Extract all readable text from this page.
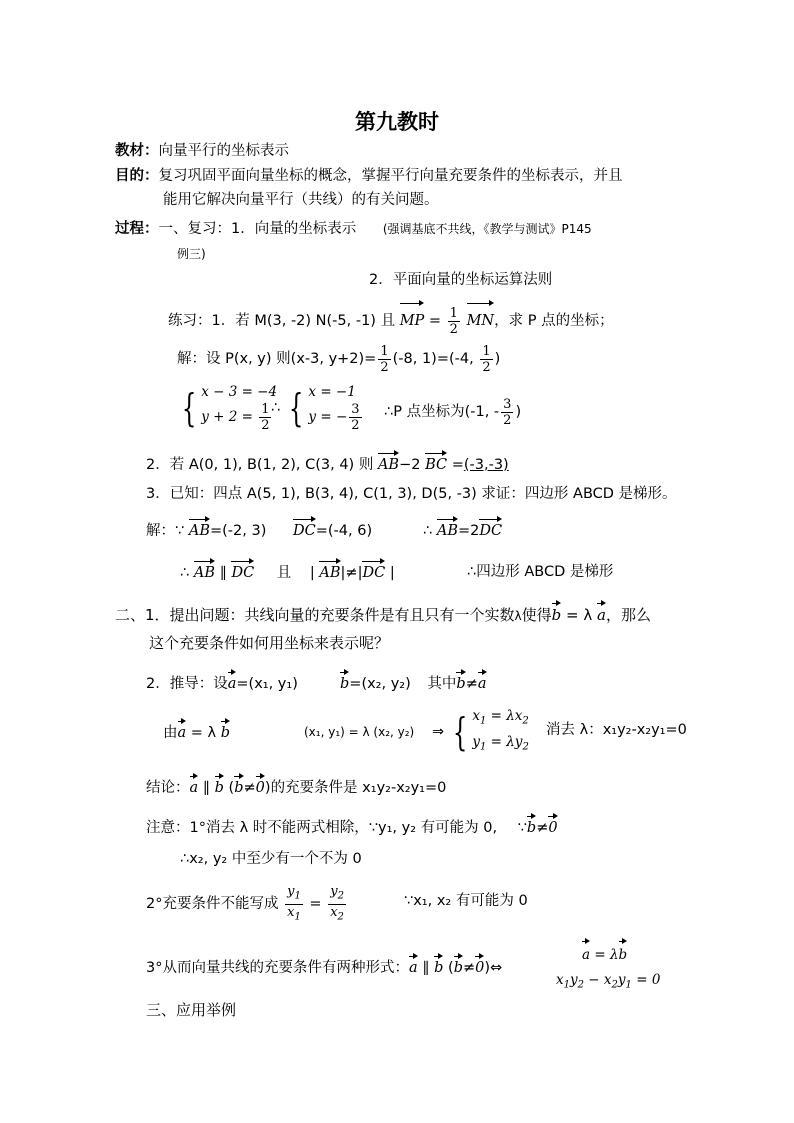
第九教时
教材：向量平行的坐标表示
目的：复习巩固平面向量坐标的概念，掌握平行向量充要条件的坐标表示，并且
能用它解决向量平行（共线）的有关问题。
过程：一、复习：1．向量的坐标表示 (强调基底不共线，《教学与测试》P145
例三)
2．平面向量的坐标运算法则
练习：1．若 M(3, -2) N(-5, -1) 且 MP = $\frac{1}{2}$ MN，求 P 点的坐标；
解：设 P(x, y) 则(x-3, $y+2)= \frac{1}{2} (-8$, 1)=(-4, $\frac{1}{2}$ )
{ x − 3 = −4
$y + 2 = \frac{1}{2}$ ∴ { x = −1
y = − $\frac{3}{2}$ ∴P 点坐标为(-1, - $\frac{3}{2}$ )
2．若 A(0, 1), B(1, 2), C(3, 4) 则 AB−2 BC =(-3,-3)
3．已知：四点 A(5, 1), B(3, 4), C(1, 3), D(5, -3) 求证：四边形 ABCD 是梯形。
解：∵ AB=(-2, 3) DC=(-4, 6)	∴ AB=2DC
∴ AB ∥ DC 且 | AB|≠|DC |	∴四边形 ABCD 是梯形
二、1．提出问题：共线向量的充要条件是有且只有一个实数λ使得b = λ a，那么
这个充要条件如何用坐标来表示呢？
2．推导：设a=(x₁, y₁)	b=(x₂, y₂) 其中b≠a
由a = λ b	(x₁, y₁) = λ (x₂, y₂) ⇒ { $x_1 = \lambda x_2$
$y_1 = \lambda y_2$
消去 λ：x₁y₂-x₂y₁=0
结论：a ∥ b (b≠0)的充要条件是 x₁y₂-x₂y₁=0
注意：1°消去 λ 时不能两式相除，∵y₁, y₂ 有可能为 0, ∵b≠0
∴x₂, y₂ 中至少有一个不为 0
2°充要条件不能写成 $\frac{y_1}{x_1} = \frac{y_2}{x_2}$	∵x₁, x₂ 有可能为 0
3°从而向量共线的充要条件有两种形式：a ∥ b (b≠0)⇔
a = λb
$x_1y_2 - x_2y_1 = 0$
三、应用举例
